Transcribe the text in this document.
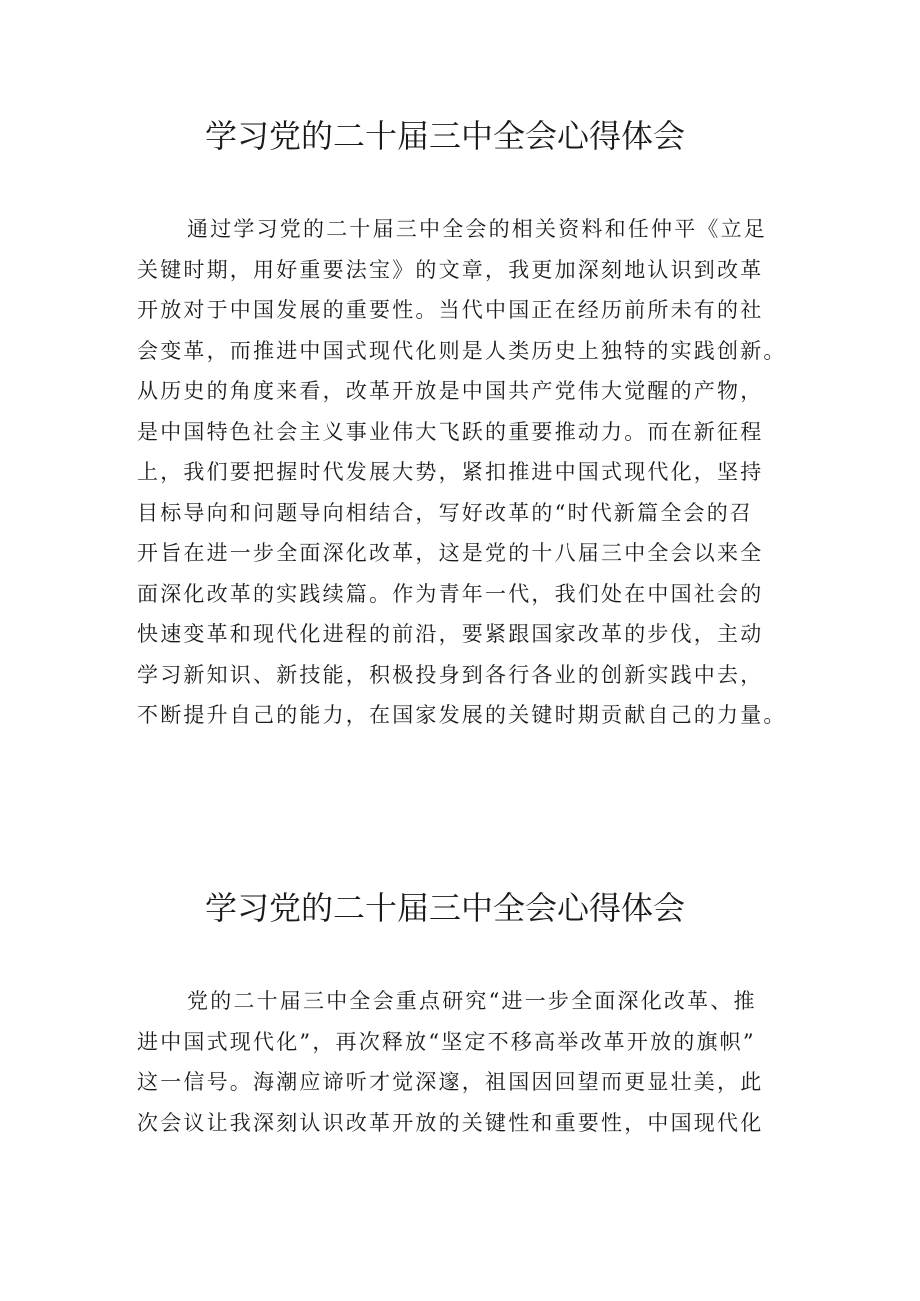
学习党的二十届三中全会心得体会
通过学习党的二十届三中全会的相关资料和任仲平《立足
关键时期，用好重要法宝》的文章，我更加深刻地认识到改革
开放对于中国发展的重要性。当代中国正在经历前所未有的社
会变革，而推进中国式现代化则是人类历史上独特的实践创新。
从历史的角度来看，改革开放是中国共产党伟大觉醒的产物，
是中国特色社会主义事业伟大飞跃的重要推动力。而在新征程
上，我们要把握时代发展大势，紧扣推进中国式现代化，坚持
目标导向和问题导向相结合，写好改革的“时代新篇全会的召
开旨在进一步全面深化改革，这是党的十八届三中全会以来全
面深化改革的实践续篇。作为青年一代，我们处在中国社会的
快速变革和现代化进程的前沿，要紧跟国家改革的步伐，主动
学习新知识、新技能，积极投身到各行各业的创新实践中去，
不断提升自己的能力，在国家发展的关键时期贡献自己的力量。
学习党的二十届三中全会心得体会
党的二十届三中全会重点研究“进一步全面深化改革、推
进中国式现代化”，再次释放“坚定不移高举改革开放的旗帜”
这一信号。海潮应谛听才觉深邃，祖国因回望而更显壮美，此
次会议让我深刻认识改革开放的关键性和重要性，中国现代化
